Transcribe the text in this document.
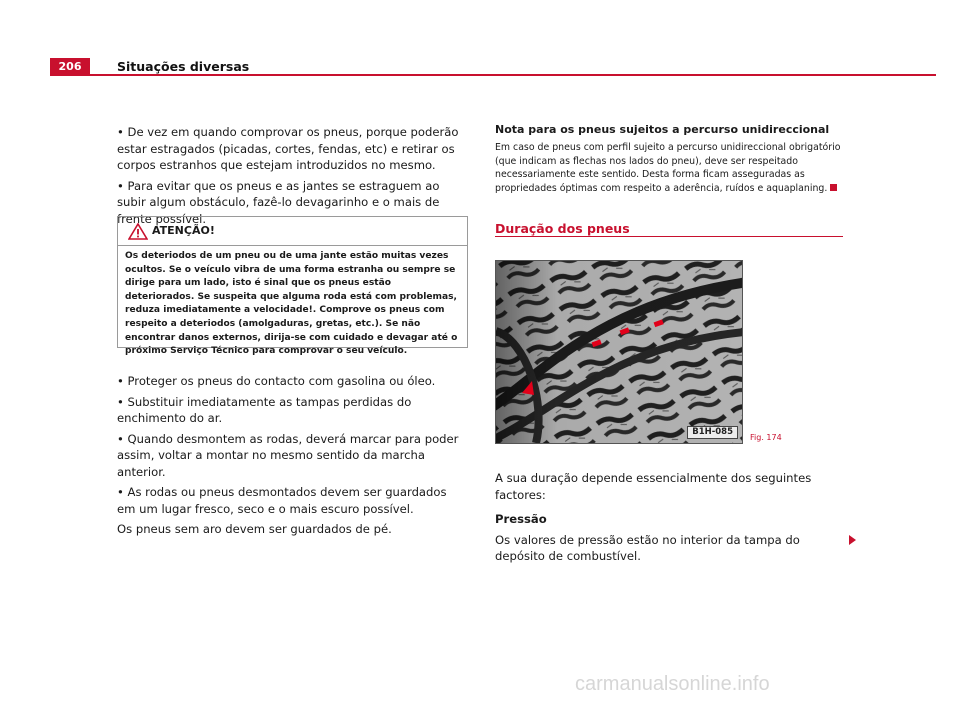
206	Situações diversas

• De vez em quando comprovar os pneus, porque poderão estar estragados (picadas, cortes, fendas, etc) e retirar os corpos estranhos que estejam introduzidos no mesmo.

• Para evitar que os pneus e as jantes se estraguem ao subir algum obstáculo, fazê-lo devagarinho e o mais de frente possível.

ATENÇÃO!
Os deteriodos de um pneu ou de uma jante estão muitas vezes ocultos. Se o veículo vibra de uma forma estranha ou sempre se dirige para um lado, isto é sinal que os pneus estão deteriorados. Se suspeita que alguma roda está com problemas, reduza imediatamente a velocidade!. Comprove os pneus com respeito a deteriodos (amolgaduras, gretas, etc.). Se não encontrar danos externos, dirija-se com cuidado e devagar até o próximo Serviço Técnico para comprovar o seu veículo.

• Proteger os pneus do contacto com gasolina ou óleo.

• Substituir imediatamente as tampas perdidas do enchimento do ar.

• Quando desmontem as rodas, deverá marcar para poder assim, voltar a montar no mesmo sentido da marcha anterior.

• As rodas ou pneus desmontados devem ser guardados em um lugar fresco, seco e o mais escuro possível.

Os pneus sem aro devem ser guardados de pé.

Nota para os pneus sujeitos a percurso unidireccional

Em caso de pneus com perfil sujeito a percurso unidireccional obrigatório (que indicam as flechas nos lados do pneu), deve ser respeitado necessariamente este sentido. Desta forma ficam asseguradas as propriedades óptimas com respeito a aderência, ruídos e aquaplaning.

Duração dos pneus
B1H-085
Fig. 174

A sua duração depende essencialmente dos seguintes factores:

Pressão

Os valores de pressão estão no interior da tampa do depósito de combustível.

carmanualsonline.info
